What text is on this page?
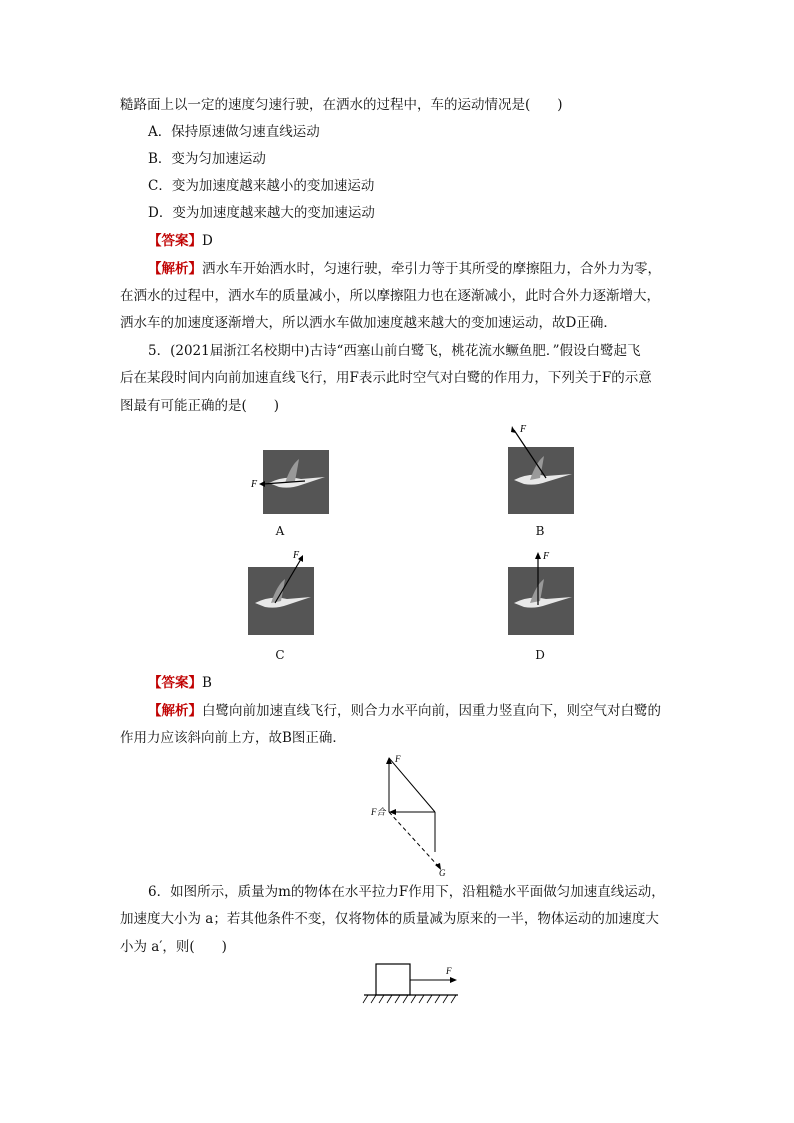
糙路面上以一定的速度匀速行驶，在洒水的过程中，车的运动情况是(　　)
A．保持原速做匀速直线运动
B．变为匀加速运动
C．变为加速度越来越小的变加速运动
D．变为加速度越来越大的变加速运动
【答案】D
【解析】洒水车开始洒水时，匀速行驶，牵引力等于其所受的摩擦阻力，合外力为零，
在洒水的过程中，洒水车的质量减小，所以摩擦阻力也在逐渐减小，此时合外力逐渐增大，
洒水车的加速度逐渐增大，所以洒水车做加速度越来越大的变加速运动，故D正确．
5．(2021届浙江名校期中)古诗“西塞山前白鹭飞，桃花流水鳜鱼肥．”假设白鹭起飞
后在某段时间内向前加速直线飞行，用F表示此时空气对白鹭的作用力，下列关于F的示意
图最有可能正确的是(　　)
F
A
F
B
F
C
F
D
【答案】B
【解析】白鹭向前加速直线飞行，则合力水平向前，因重力竖直向下，则空气对白鹭的
作用力应该斜向前上方，故B图正确．
F
F合
G
6．如图所示，质量为m的物体在水平拉力F作用下，沿粗糙水平面做匀加速直线运动，
加速度大小为 a；若其他条件不变，仅将物体的质量减为原来的一半，物体运动的加速度大
小为 a′，则(　　)
F
